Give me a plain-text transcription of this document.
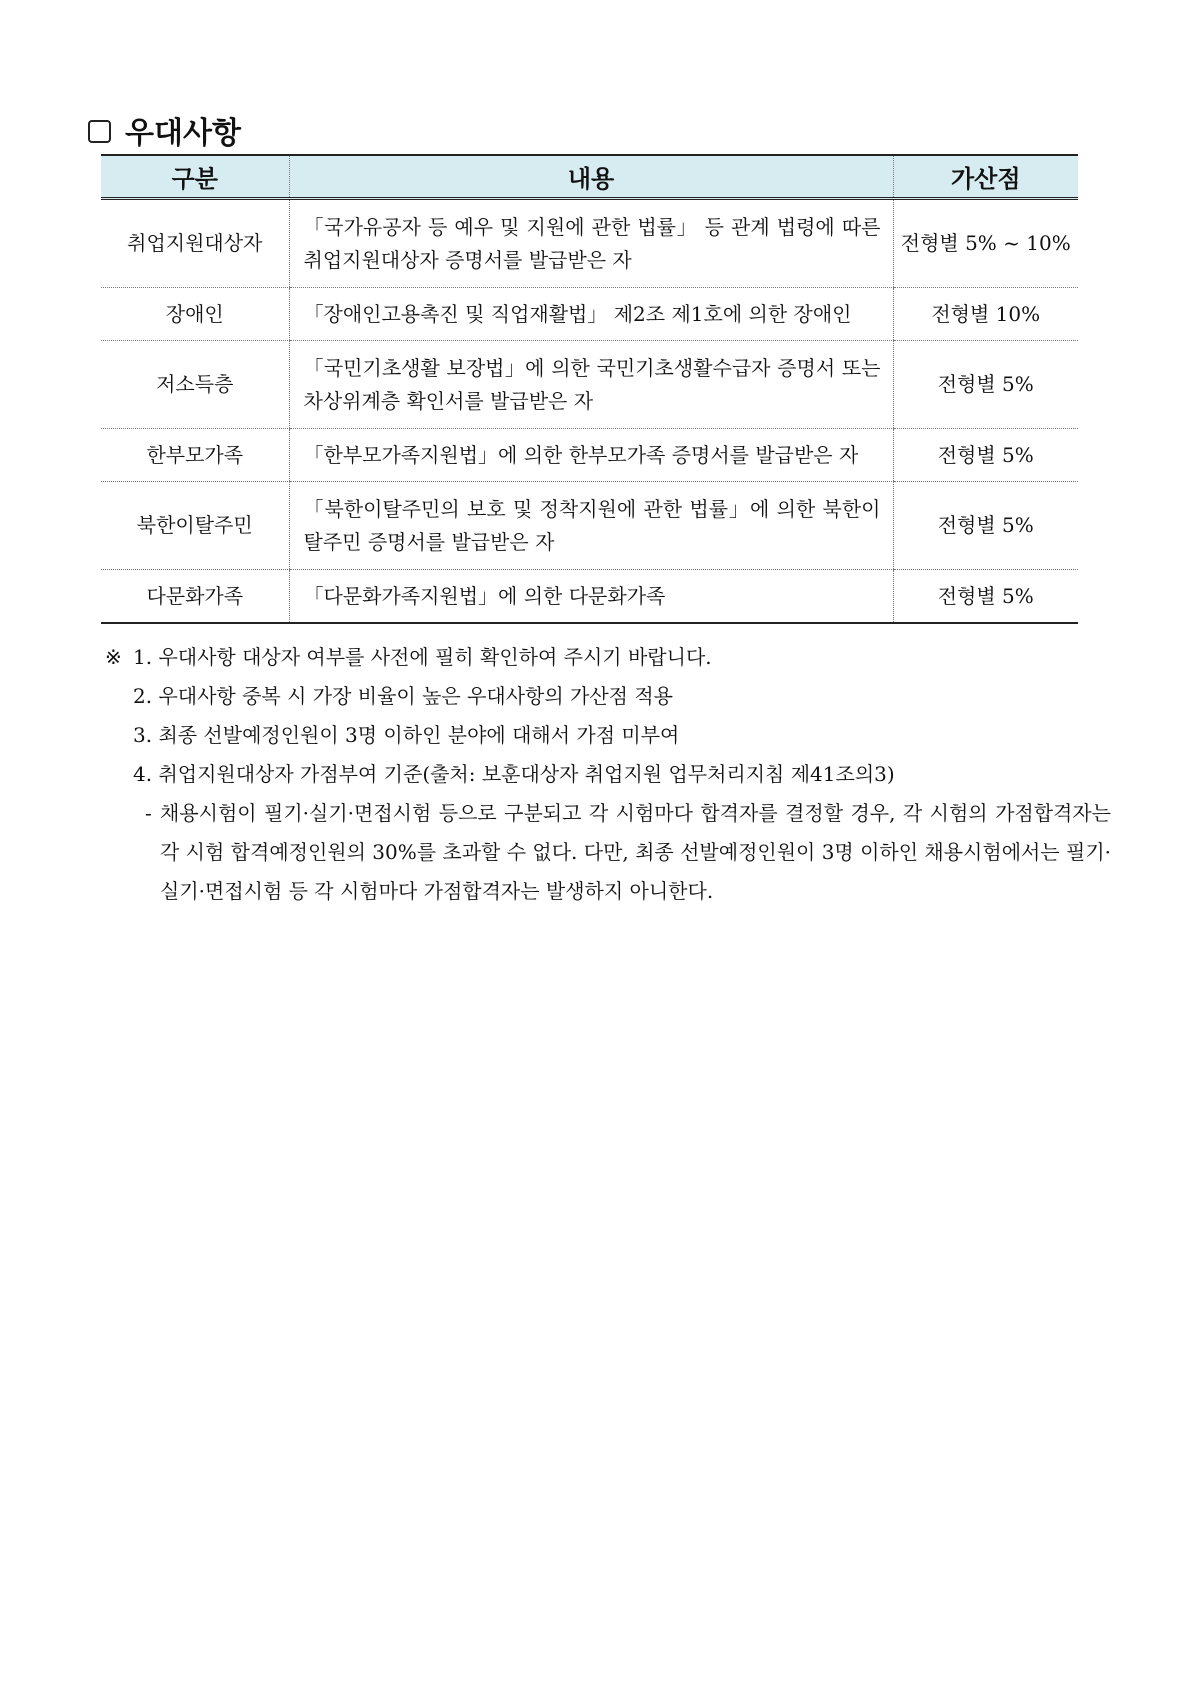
우대사항
구분	내용	가산점
취업지원대상자	「국가유공자 등 예우 및 지원에 관한 법률」 등 관계 법령에 따른 취업지원대상자 증명서를 발급받은 자	전형별 5% ~ 10%
장애인	「장애인고용촉진 및 직업재활법」 제2조 제1호에 의한 장애인	전형별 10%
저소득층	「국민기초생활 보장법」에 의한 국민기초생활수급자 증명서 또는 차상위계층 확인서를 발급받은 자	전형별 5%
한부모가족	「한부모가족지원법」에 의한 한부모가족 증명서를 발급받은 자	전형별 5%
북한이탈주민	「북한이탈주민의 보호 및 정착지원에 관한 법률」에 의한 북한이탈주민 증명서를 발급받은 자	전형별 5%
다문화가족	「다문화가족지원법」에 의한 다문화가족	전형별 5%
※ 1. 우대사항 대상자 여부를 사전에 필히 확인하여 주시기 바랍니다.
2. 우대사항 중복 시 가장 비율이 높은 우대사항의 가산점 적용
3. 최종 선발예정인원이 3명 이하인 분야에 대해서 가점 미부여
4. 취업지원대상자 가점부여 기준(출처: 보훈대상자 취업지원 업무처리지침 제41조의3)
- 채용시험이 필기·실기·면접시험 등으로 구분되고 각 시험마다 합격자를 결정할 경우, 각 시험의 가점합격자는 각 시험 합격예정인원의 30%를 초과할 수 없다. 다만, 최종 선발예정인원이 3명 이하인 채용시험에서는 필기·실기·면접시험 등 각 시험마다 가점합격자는 발생하지 아니한다.
